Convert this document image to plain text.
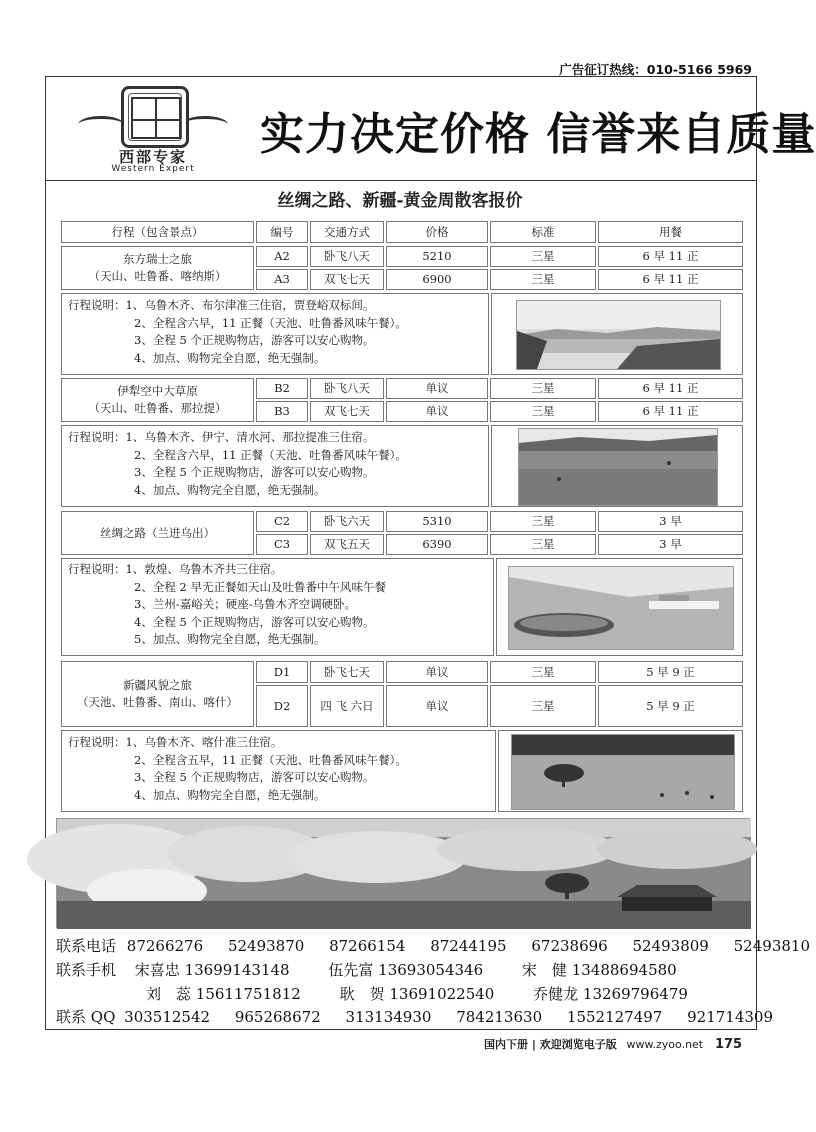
广告征订热线：010-5166 5969
西部专家
Western Expert
实力决定价格 信誉来自质量
丝绸之路、新疆-黄金周散客报价
行程（包含景点）	编号	交通方式	价格	标准	用餐
东方瑞士之旅
（天山、吐鲁番、喀纳斯）
A2	卧飞八天	5210	三星	6 早 11 正
A3	双飞七天	6900	三星	6 早 11 正
行程说明：1、乌鲁木齐、布尔津准三住宿，贾登峪双标间。
2、全程含六早，11 正餐（天池、吐鲁番风味午餐）。
3、全程 5 个正规购物店，游客可以安心购物。
4、加点、购物完全自愿，绝无强制。
伊犁空中大草原
（天山、吐鲁番、那拉提）
B2	卧飞八天	单议	三星	6 早 11 正
B3	双飞七天	单议	三星	6 早 11 正
行程说明：1、乌鲁木齐、伊宁、清水河、那拉提准三住宿。
2、全程含六早，11 正餐（天池、吐鲁番风味午餐）。
3、全程 5 个正规购物店，游客可以安心购物。
4、加点、购物完全自愿，绝无强制。
丝绸之路（兰进乌出）
C2	卧飞六天	5310	三星	3 早
C3	双飞五天	6390	三星	3 早
行程说明：1、敦煌、乌鲁木齐共三住宿。
2、全程 2 早无正餐如天山及吐鲁番中午风味午餐
3、兰州-嘉峪关；硬座-乌鲁木齐空调硬卧。
4、全程 5 个正规购物店，游客可以安心购物。
5、加点、购物完全自愿，绝无强制。
新疆风貌之旅
（天池、吐鲁番、南山、喀什）
D1	卧飞七天	单议	三星	5 早 9 正
D2	四 飞 六日	单议	三星	5 早 9 正
行程说明：1、乌鲁木齐、喀什准三住宿。
2、全程含五早，11 正餐（天池、吐鲁番风味午餐）。
3、全程 5 个正规购物店，游客可以安心购物。
4、加点、购物完全自愿，绝无强制。
联系电话 87266276 52493870 87266154 87244195 67238696 52493809 52493810
联系手机 宋喜忠 13699143148	伍先富 13693054346	宋　健 13488694580
刘　蕊 15611751812	耿　贺 13691022540	乔健龙 13269796479
联系 QQ 303512542 965268672 313134930 784213630 1552127497 921714309
国内下册 | 欢迎浏览电子版 www.zyoo.net 175
